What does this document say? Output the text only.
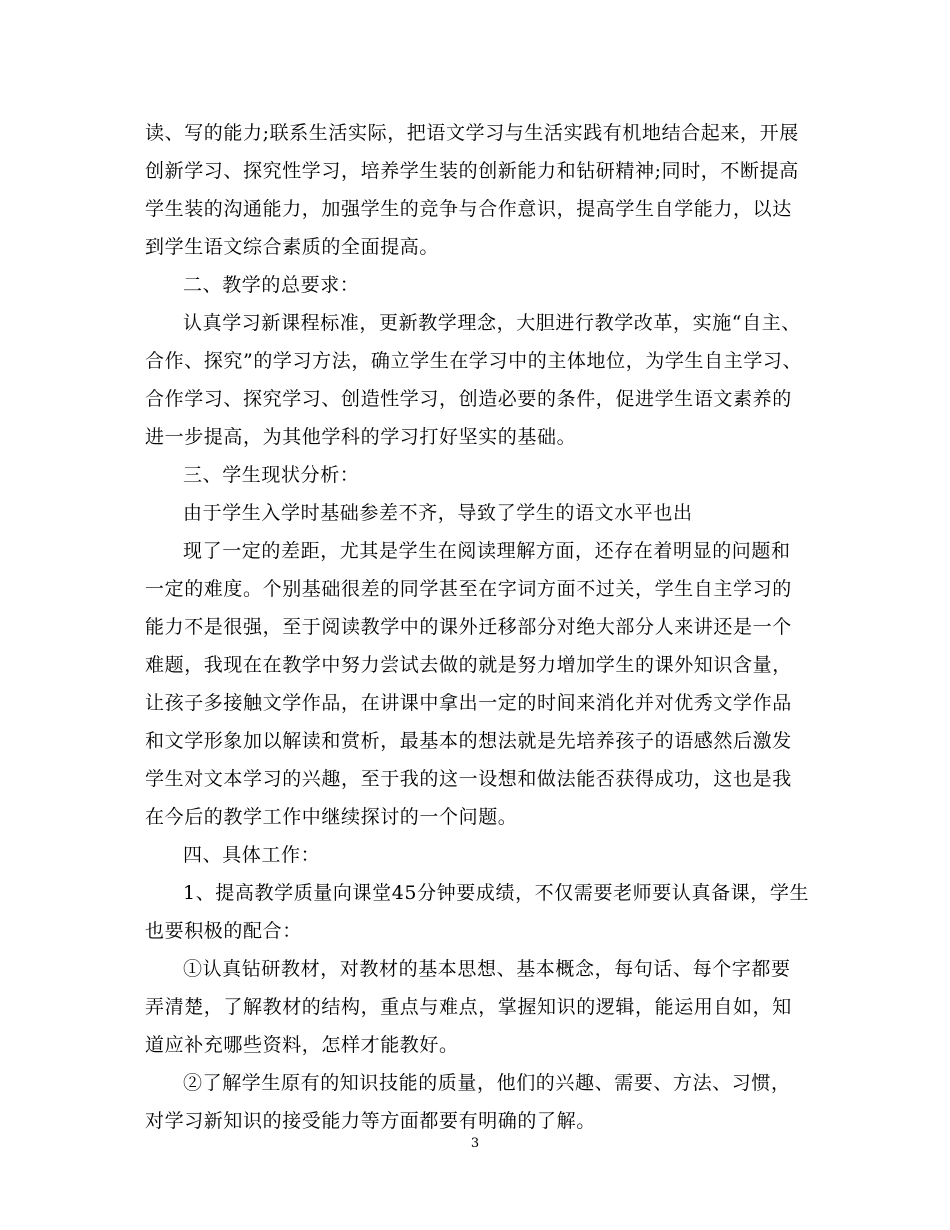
读、写的能力;联系生活实际，把语文学习与生活实践有机地结合起来，开展创新学习、探究性学习，培养学生装的创新能力和钻研精神;同时，不断提高学生装的沟通能力，加强学生的竞争与合作意识，提高学生自学能力，以达到学生语文综合素质的全面提高。

二、教学的总要求：

认真学习新课程标准，更新教学理念，大胆进行教学改革，实施“自主、合作、探究”的学习方法，确立学生在学习中的主体地位，为学生自主学习、合作学习、探究学习、创造性学习，创造必要的条件，促进学生语文素养的进一步提高，为其他学科的学习打好坚实的基础。

三、学生现状分析：

由于学生入学时基础参差不齐，导致了学生的语文水平也出

现了一定的差距，尤其是学生在阅读理解方面，还存在着明显的问题和一定的难度。个别基础很差的同学甚至在字词方面不过关，学生自主学习的能力不是很强，至于阅读教学中的课外迁移部分对绝大部分人来讲还是一个难题，我现在在教学中努力尝试去做的就是努力增加学生的课外知识含量，让孩子多接触文学作品，在讲课中拿出一定的时间来消化并对优秀文学作品和文学形象加以解读和赏析，最基本的想法就是先培养孩子的语感然后激发学生对文本学习的兴趣，至于我的这一设想和做法能否获得成功，这也是我在今后的教学工作中继续探讨的一个问题。

四、具体工作：

1、提高教学质量向课堂45分钟要成绩，不仅需要老师要认真备课，学生也要积极的配合：

①认真钻研教材，对教材的基本思想、基本概念，每句话、每个字都要弄清楚，了解教材的结构，重点与难点，掌握知识的逻辑，能运用自如，知道应补充哪些资料，怎样才能教好。

②了解学生原有的知识技能的质量，他们的兴趣、需要、方法、习惯，对学习新知识的接受能力等方面都要有明确的了解。

3
